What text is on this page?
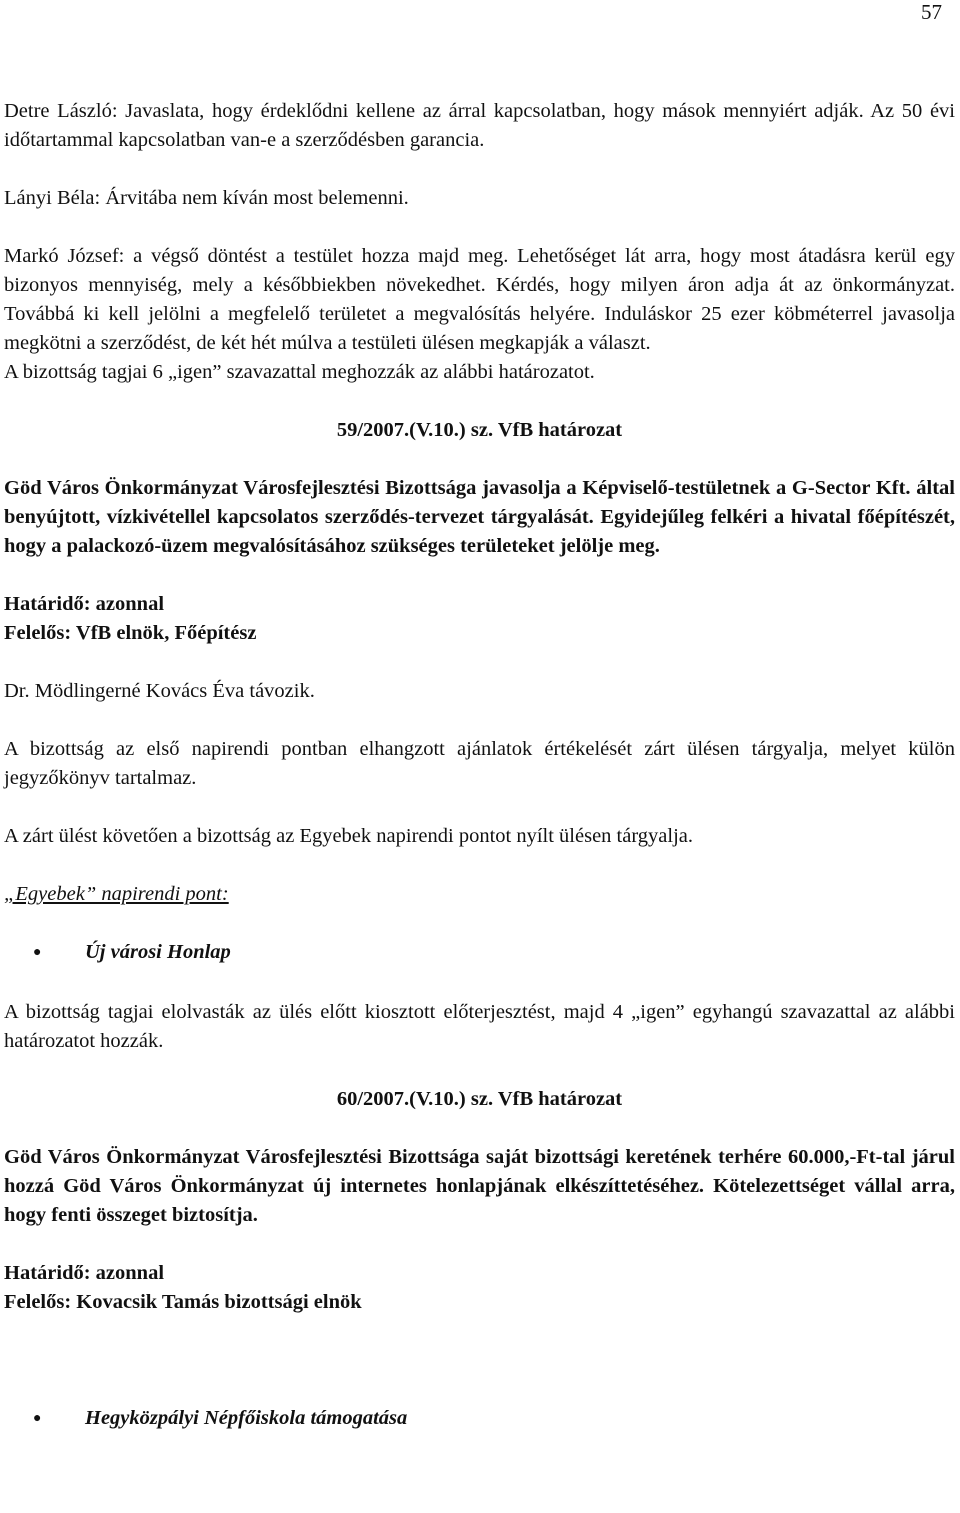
57

Detre László: Javaslata, hogy érdeklődni kellene az árral kapcsolatban, hogy mások mennyiért adják. Az 50 évi időtartammal kapcsolatban van-e a szerződésben garancia.

Lányi Béla: Árvitába nem kíván most belemenni.

Markó József: a végső döntést a testület hozza majd meg. Lehetőséget lát arra, hogy most átadásra kerül egy bizonyos mennyiség, mely a későbbiekben növekedhet. Kérdés, hogy milyen áron adja át az önkormányzat. Továbbá ki kell jelölni a megfelelő területet a megvalósítás helyére. Induláskor 25 ezer köbméterrel javasolja megkötni a szerződést, de két hét múlva a testületi ülésen megkapják a választ.

A bizottság tagjai 6 „igen” szavazattal meghozzák az alábbi határozatot.

59/2007.(V.10.) sz. VfB határozat

Göd Város Önkormányzat Városfejlesztési Bizottsága javasolja a Képviselő-testületnek a G-Sector Kft. által benyújtott, vízkivétellel kapcsolatos szerződés-tervezet tárgyalását. Egyidejűleg felkéri a hivatal főépítészét, hogy a palackozó-üzem megvalósításához szükséges területeket jelölje meg.

Határidő: azonnal

Felelős: VfB elnök, Főépítész

Dr. Mödlingerné Kovács Éva távozik.

A bizottság az első napirendi pontban elhangzott ajánlatok értékelését zárt ülésen tárgyalja, melyet külön jegyzőkönyv tartalmaz.

A zárt ülést követően a bizottság az Egyebek napirendi pontot nyílt ülésen tárgyalja.

„Egyebek” napirendi pont:

●
Új városi Honlap

A bizottság tagjai elolvasták az ülés előtt kiosztott előterjesztést, majd 4 „igen” egyhangú szavazattal az alábbi határozatot hozzák.

60/2007.(V.10.) sz. VfB határozat

Göd Város Önkormányzat Városfejlesztési Bizottsága saját bizottsági keretének terhére 60.000,-Ft-tal járul hozzá Göd Város Önkormányzat új internetes honlapjának elkészíttetéséhez. Kötelezettséget vállal arra, hogy fenti összeget biztosítja.

Határidő: azonnal

Felelős: Kovacsik Tamás bizottsági elnök

●
Hegyközpályi Népfőiskola támogatása
